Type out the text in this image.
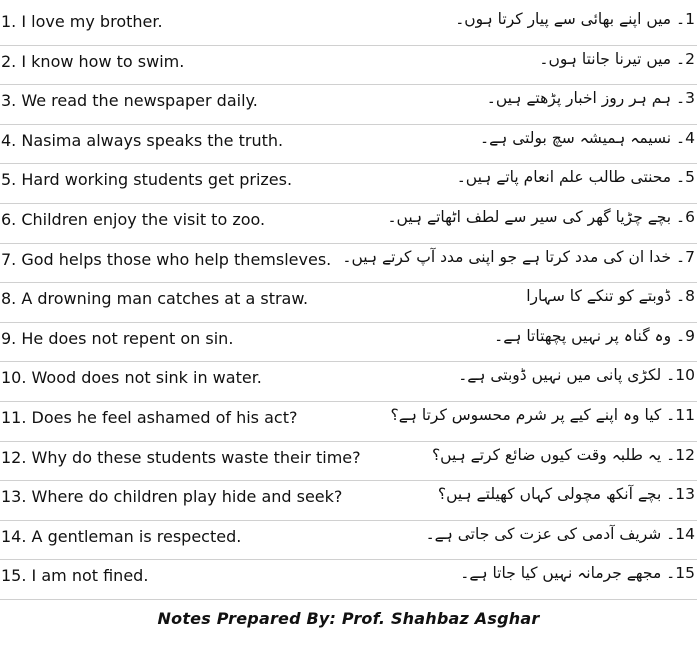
1. I love my brother.	1۔ میں اپنے بھائی سے پیار کرتا ہوں۔
2. I know how to swim.	2۔ میں تیرنا جانتا ہوں۔
3. We read the newspaper daily.	3۔ ہم ہر روز اخبار پڑھتے ہیں۔
4. Nasima always speaks the truth.	4۔ نسیمہ ہمیشہ سچ بولتی ہے۔
5. Hard working students get prizes.	5۔ محنتی طالب علم انعام پاتے ہیں۔
6. Children enjoy the visit to zoo.	6۔ بچے چڑیا گھر کی سیر سے لطف اٹھاتے ہیں۔
7. God helps those who help themsleves. 7۔ خدا ان کی مدد کرتا ہے جو اپنی مدد آپ کرتے ہیں۔
8. A drowning man catches at a straw.	8۔ ڈوبتے کو تنکے کا سہارا
9. He does not repent on sin.	9۔ وہ گناہ پر نہیں پچھتاتا ہے۔
10. Wood does not sink in water.	10۔ لکڑی پانی میں نہیں ڈوبتی ہے۔
11. Does he feel ashamed of his act?	11۔ کیا وہ اپنے کیے پر شرم محسوس کرتا ہے؟
12. Why do these students waste their time?	12۔ یہ طلبہ وقت کیوں ضائع کرتے ہیں؟
13. Where do children play hide and seek?	13۔ بچے آنکھ مچولی کہاں کھیلتے ہیں؟
14. A gentleman is respected.	14۔ شریف آدمی کی عزت کی جاتی ہے۔
15. I am not fined.	15۔ مجھے جرمانہ نہیں کیا جاتا ہے۔
Notes Prepared By: Prof. Shahbaz Asghar
